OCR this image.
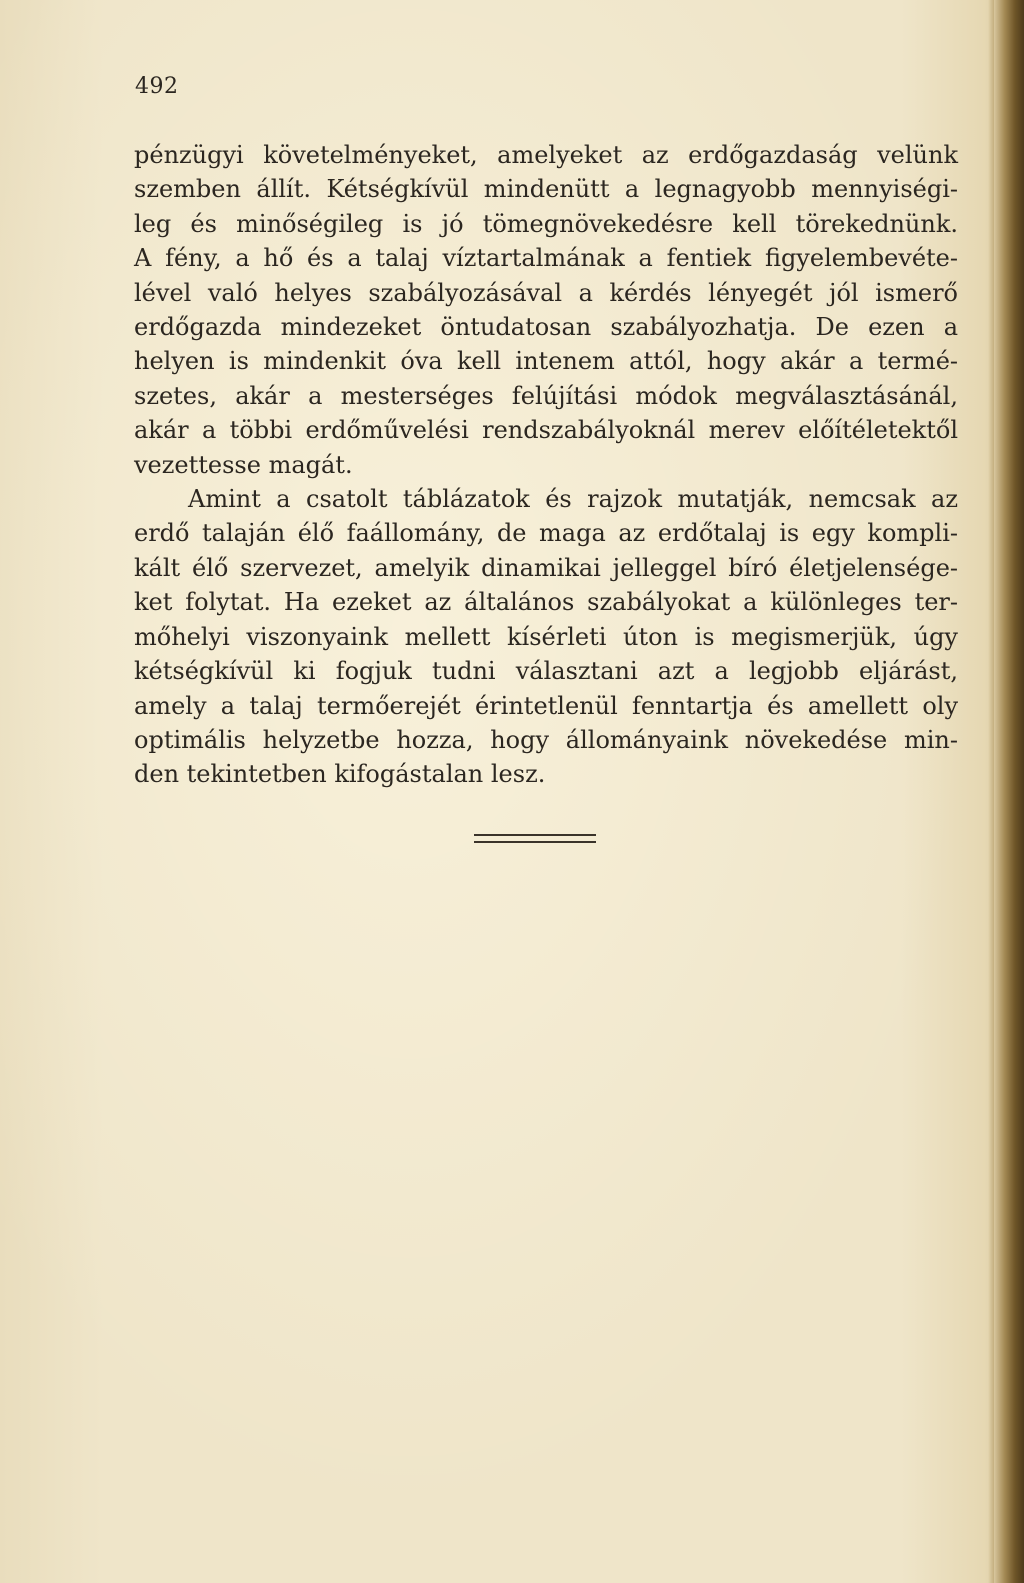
492
pénzügyi követelményeket, amelyeket az erdőgazdaság velünk
szemben állít. Kétségkívül mindenütt a legnagyobb mennyiségi-
leg és minőségileg is jó tömegnövekedésre kell törekednünk.
A fény, a hő és a talaj víztartalmának a fentiek figyelembevéte-
lével való helyes szabályozásával a kérdés lényegét jól ismerő
erdőgazda mindezeket öntudatosan szabályozhatja. De ezen a
helyen is mindenkit óva kell intenem attól, hogy akár a termé-
szetes, akár a mesterséges felújítási módok megválasztásánál,
akár a többi erdőművelési rendszabályoknál merev előítéletektől
vezettesse magát.
Amint a csatolt táblázatok és rajzok mutatják, nemcsak az
erdő talaján élő faállomány, de maga az erdőtalaj is egy kompli-
kált élő szervezet, amelyik dinamikai jelleggel bíró életjelensége-
ket folytat. Ha ezeket az általános szabályokat a különleges ter-
mőhelyi viszonyaink mellett kísérleti úton is megismerjük, úgy
kétségkívül ki fogjuk tudni választani azt a legjobb eljárást,
amely a talaj termőerejét érintetlenül fenntartja és amellett oly
optimális helyzetbe hozza, hogy állományaink növekedése min-
den tekintetben kifogástalan lesz.
